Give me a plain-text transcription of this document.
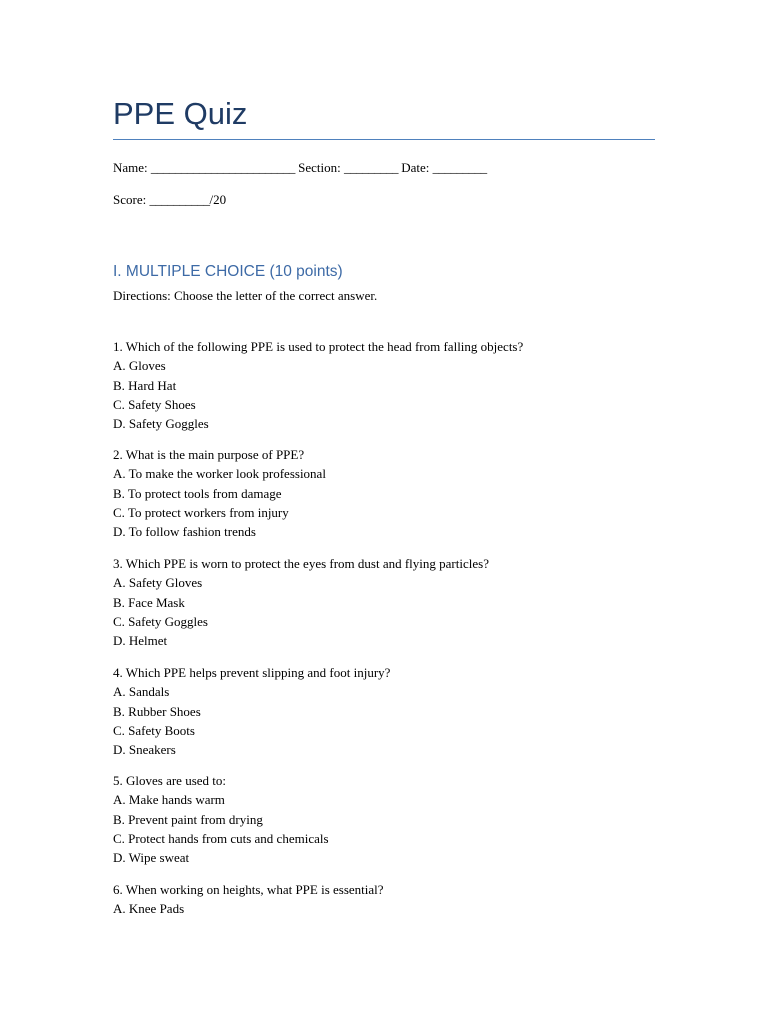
PPE Quiz
Name: ________________________ Section: _________ Date: _________
Score: __________/20
I. MULTIPLE CHOICE (10 points)
Directions: Choose the letter of the correct answer.
1. Which of the following PPE is used to protect the head from falling objects?
A. Gloves
B. Hard Hat
C. Safety Shoes
D. Safety Goggles
2. What is the main purpose of PPE?
A. To make the worker look professional
B. To protect tools from damage
C. To protect workers from injury
D. To follow fashion trends
3. Which PPE is worn to protect the eyes from dust and flying particles?
A. Safety Gloves
B. Face Mask
C. Safety Goggles
D. Helmet
4. Which PPE helps prevent slipping and foot injury?
A. Sandals
B. Rubber Shoes
C. Safety Boots
D. Sneakers
5. Gloves are used to:
A. Make hands warm
B. Prevent paint from drying
C. Protect hands from cuts and chemicals
D. Wipe sweat
6. When working on heights, what PPE is essential?
A. Knee Pads
